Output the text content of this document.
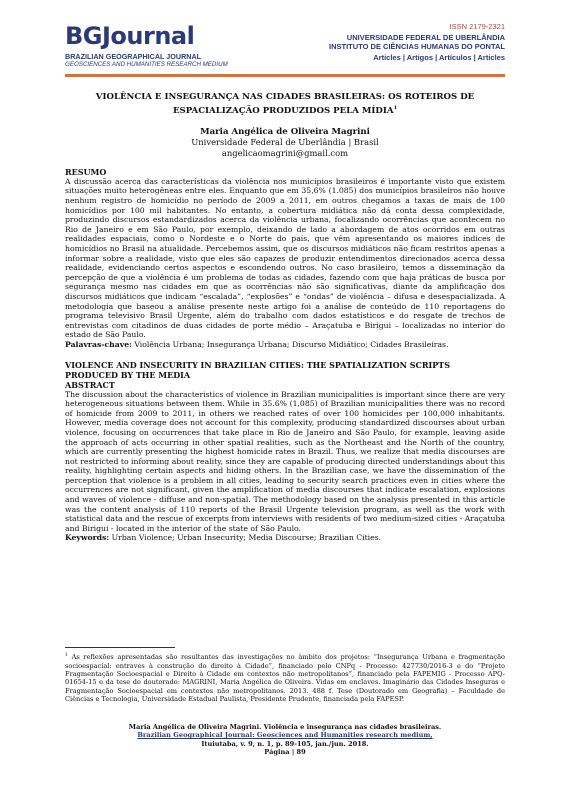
BGJournal
BRAZILIAN GEOGRAPHICAL JOURNAL
GEOSCIENCES AND HUMANITIES RESEARCH MEDIUM
ISSN 2179-2321
UNIVERSIDADE FEDERAL DE UBERLÂNDIA
INSTITUTO DE CIÊNCIAS HUMANAS DO PONTAL
Articles | Artigos | Artículos | Articles
VIOLÊNCIA E INSEGURANÇA NAS CIDADES BRASILEIRAS: OS ROTEIROS DE ESPACIALIZAÇÃO PRODUZIDOS PELA MÍDIA$^1$
Maria Angélica de Oliveira Magrini
Universidade Federal de Uberlândia | Brasil
angelicaomagrini@gmail.com
RESUMO
A discussão acerca das características da violência nos municípios brasileiros é importante visto que existem situações muito heterogêneas entre eles. Enquanto que em 35,6% (1.085) dos municípios brasileiros não houve nenhum registro de homicídio no período de 2009 a 2011, em outros chegamos a taxas de mais de 100 homicídios por 100 mil habitantes. No entanto, a cobertura midiática não dá conta dessa complexidade, produzindo discursos estandardizados acerca da violência urbana, focalizando ocorrências que acontecem no Rio de Janeiro e em São Paulo, por exemplo, deixando de lado a abordagem de atos ocorridos em outras realidades espaciais, como o Nordeste e o Norte do país, que vêm apresentando os maiores índices de homicídios no Brasil na atualidade. Percebemos assim, que os discursos midiáticos não ficam restritos apenas a informar sobre a realidade, visto que eles são capazes de produzir entendimentos direcionados acerca dessa realidade, evidenciando certos aspectos e escondendo outros. No caso brasileiro, temos a disseminação da percepção de que a violência é um problema de todas as cidades, fazendo com que haja práticas de busca por segurança mesmo nas cidades em que as ocorrências não são significativas, diante da amplificação dos discursos midiáticos que indicam “escalada”, “explosões” e “ondas” de violência – difusa e desespacializada. A metodologia que baseou a análise presente neste artigo foi a análise de conteúdo de 110 reportagens do programa televisivo Brasil Urgente, além do trabalho com dados estatísticos e do resgate de trechos de entrevistas com citadinos de duas cidades de porte médio – Araçatuba e Birigui – localizadas no interior do estado de São Paulo.
Palavras-chave: Violência Urbana; Insegurança Urbana; Discurso Midiático; Cidades Brasileiras.
VIOLENCE AND INSECURITY IN BRAZILIAN CITIES: THE SPATIALIZATION SCRIPTS PRODUCED BY THE MEDIA
ABSTRACT
The discussion about the characteristics of violence in Brazilian municipalities is important since there are very heterogeneous situations between them. While in 35.6% (1,085) of Brazilian municipalities there was no record of homicide from 2009 to 2011, in others we reached rates of over 100 homicides per 100,000 inhabitants. However, media coverage does not account for this complexity, producing standardized discourses about urban violence, focusing on occurrences that take place in Rio de Janeiro and São Paulo, for example, leaving aside the approach of acts occurring in other spatial realities, such as the Northeast and the North of the country, which are currently presenting the highest homicide rates in Brazil. Thus, we realize that media discourses are not restricted to informing about reality, since they are capable of producing directed understandings about this reality, highlighting certain aspects and hiding others. In the Brazilian case, we have the dissemination of the perception that violence is a problem in all cities, leading to security search practices even in cities where the occurrences are not significant, given the amplification of media discourses that indicate escalation, explosions and waves of violence - diffuse and non-spatial. The methodology based on the analysis presented in this article was the content analysis of 110 reports of the Brasil Urgente television program, as well as the work with statistical data and the rescue of excerpts from interviews with residents of two medium-sized cities - Araçatuba and Birigui - located in the interior of the state of São Paulo.
Keywords: Urban Violence; Urban Insecurity; Media Discourse; Brazilian Cities.
$^1$ As reflexões apresentadas são resultantes das investigações no âmbito dos projetos: “Insegurança Urbana e fragmentação socioespacial: entraves à construção do direito à Cidade”, financiado pelo CNPq - Processo: 427730/2016-3 e do “Projeto Fragmentação Socioespacial e Direito à Cidade em contextos não metropolitanos”, financiado pela FAPEMIG - Processo APQ-01654-15 e da tese de doutorado: MAGRINI, Maria Angélica de Oliveira. Vidas em enclaves. Imaginário das Cidades Inseguras e Fragmentação Socioespacial em contextos não metropolitanos. 2013. 488 f. Tese (Doutorado em Geografia) – Faculdade de Ciências e Tecnologia, Universidade Estadual Paulista, Presidente Prudente, financiada pela FAPESP.
Maria Angélica de Oliveira Magrini. Violência e insegurança nas cidades brasileiras.
Brazilian Geographical Journal: Geosciences and Humanities research medium,
Ituiutaba, v. 9, n. 1, p. 89-105, jan./jun. 2018.
Página | 89
